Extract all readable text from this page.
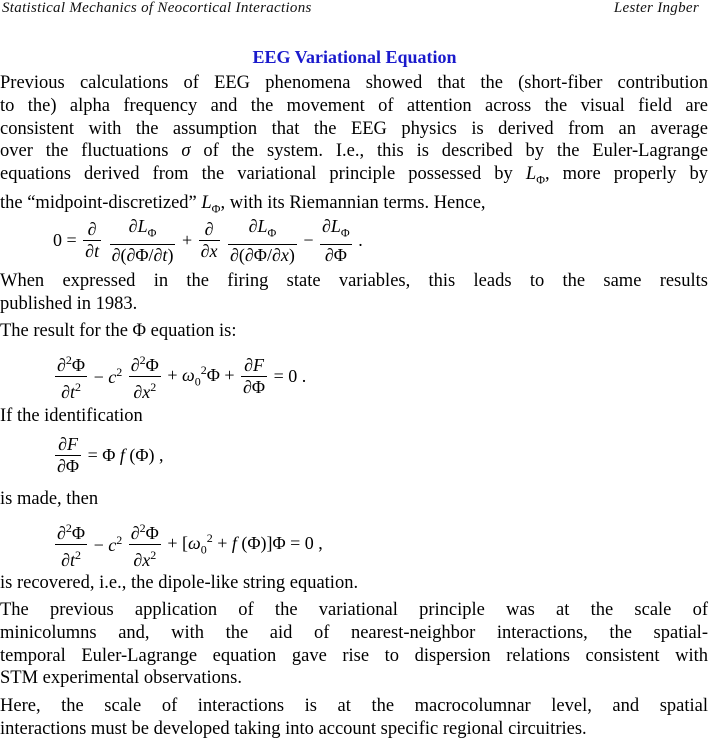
Statistical Mechanics of Neocortical Interactions	Lester Ingber
EEG Variational Equation
Previous calculations of EEG phenomena showed that the (short-fiber contribution
to the) alpha frequency and the movement of attention across the visual field are
consistent with the assumption that the EEG physics is derived from an average
over the fluctuations σ of the system. I.e., this is described by the Euler-Lagrange
equations derived from the variational principle possessed by $L_\Phi$, more properly by
the “midpoint-discretized” $L_\Phi$, with its Riemannian terms. Hence,
0 =
∂
∂t
$\frac{\partial L_\Phi}{\partial(\partial\Phi/\partial t)}$ +
∂
∂x
$\frac{\partial L_\Phi}{\partial(\partial\Phi/\partial x)} - \frac{\partial L_\Phi}{\partial\Phi}$ .
When expressed in the firing state variables, this leads to the same results
published in 1983.
The result for the Φ equation is:
$\frac{\partial^2\Phi}{\partial t^2} - c^2 \frac{\partial^2\Phi}{\partial x^2} + \omega_0^2\Phi + \frac{\partial F}{\partial\Phi} = 0$ .
If the identification
$\frac{\partial F}{\partial\Phi} = \Phi$ f (Φ) ,
is made, then
$\frac{\partial^2\Phi}{\partial t^2} - c^2 \frac{\partial^2\Phi}{\partial x^2} + [\omega_0^2 + f$ (Φ)]Φ = 0 ,
is recovered, i.e., the dipole-like string equation.
The previous application of the variational principle was at the scale of
minicolumns and, with the aid of nearest-neighbor interactions, the spatial-
temporal Euler-Lagrange equation gave rise to dispersion relations consistent with
STM experimental observations.
Here, the scale of interactions is at the macrocolumnar level, and spatial
interactions must be developed taking into account specific regional circuitries.
